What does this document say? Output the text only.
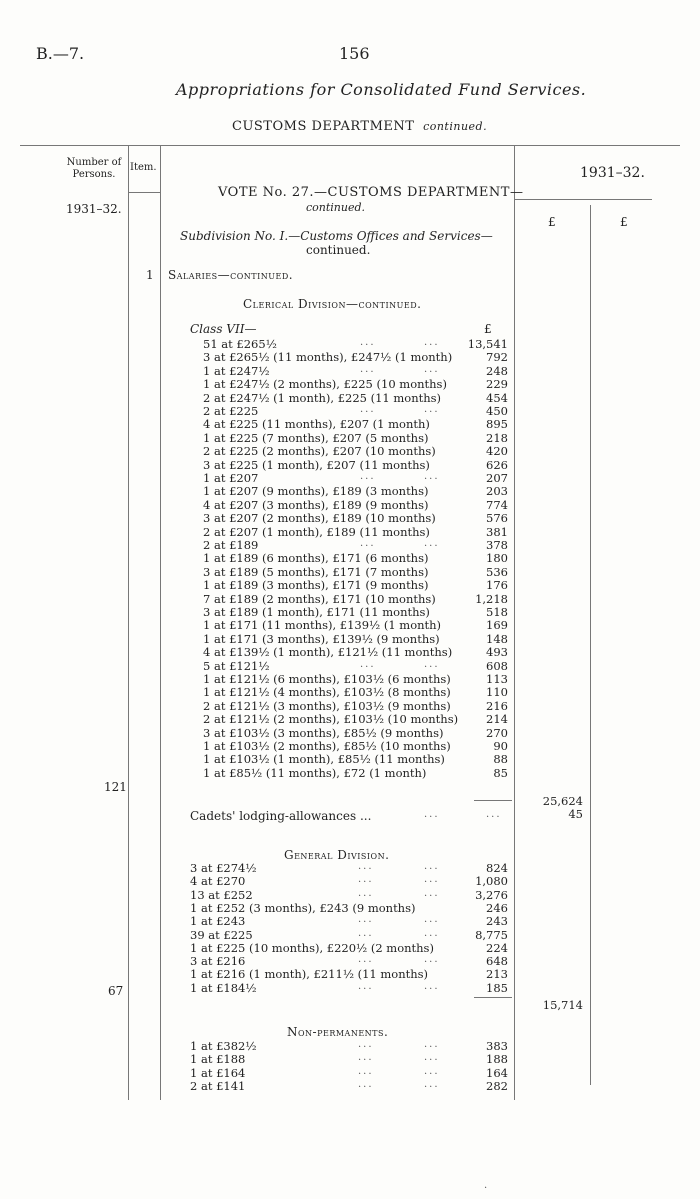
B.—7.	156
Appropriations for Consolidated Fund Services.
CUSTOMS DEPARTMENT continued.
Number of Persons.
Item.
1931–32.
1931–32.
£	£
VOTE No. 27.—CUSTOMS DEPARTMENT—
continued.
Subdivision No. I.—Customs Offices and Services—
continued.
1 Salaries—continued.
Clerical Division—continued.
Class VII—	£
51 at £265½	...	...	13,541
3 at £265½ (11 months), £247½ (1 month)	792
1 at £247½	...	...	248
1 at £247½ (2 months), £225 (10 months)	229
2 at £247½ (1 month), £225 (11 months)	454
2 at £225	...	...	450
4 at £225 (11 months), £207 (1 month)	895
1 at £225 (7 months), £207 (5 months)	218
2 at £225 (2 months), £207 (10 months)	420
3 at £225 (1 month), £207 (11 months)	626
1 at £207	...	...	207
1 at £207 (9 months), £189 (3 months)	203
4 at £207 (3 months), £189 (9 months)	774
3 at £207 (2 months), £189 (10 months)	576
2 at £207 (1 month), £189 (11 months)	381
2 at £189	...	...	378
1 at £189 (6 months), £171 (6 months)	180
3 at £189 (5 months), £171 (7 months)	536
1 at £189 (3 months), £171 (9 months)	176
7 at £189 (2 months), £171 (10 months)	1,218
3 at £189 (1 month), £171 (11 months)	518
1 at £171 (11 months), £139½ (1 month)	169
1 at £171 (3 months), £139½ (9 months)	148
4 at £139½ (1 month), £121½ (11 months)	493
5 at £121½	...	...	608
1 at £121½ (6 months), £103½ (6 months)	113
1 at £121½ (4 months), £103½ (8 months)	110
2 at £121½ (3 months), £103½ (9 months)	216
2 at £121½ (2 months), £103½ (10 months)	214
3 at £103½ (3 months), £85½ (9 months)	270
1 at £103½ (2 months), £85½ (10 months)	90
1 at £103½ (1 month), £85½ (11 months)	88
1 at £85½ (11 months), £72 (1 month)	85
121
25,624
Cadets' lodging-allowances ...	...	...	45
General Division.
3 at £274½	...	...	824
4 at £270	...	...	1,080
13 at £252	...	...	3,276
1 at £252 (3 months), £243 (9 months)	246
1 at £243	...	...	243
39 at £225	...	...	8,775
1 at £225 (10 months), £220½ (2 months)	224
3 at £216	...	...	648
1 at £216 (1 month), £211½ (11 months)	213
1 at £184½	...	...	185
67
15,714
Non-permanents.
1 at £382½	...	...	383
1 at £188	...	...	188
1 at £164	...	...	164
2 at £141	...	...	282
.
